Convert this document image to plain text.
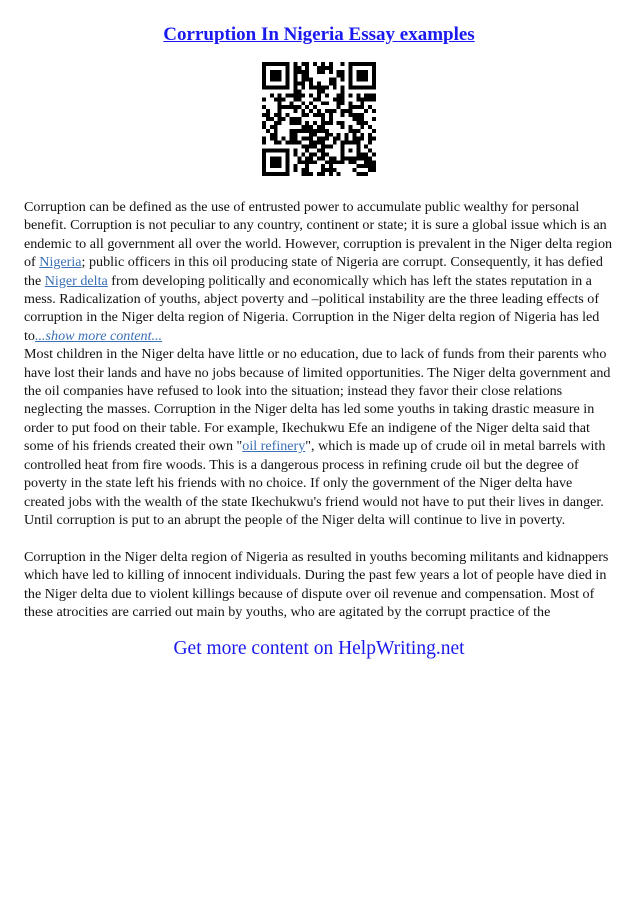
Corruption In Nigeria Essay examples

Corruption can be defined as the use of entrusted power to accumulate public wealthy for personal benefit. Corruption is not peculiar to any country, continent or state; it is sure a global issue which is an endemic to all government all over the world. However, corruption is prevalent in the Niger delta region of Nigeria; public officers in this oil producing state of Nigeria are corrupt. Consequently, it has defied the Niger delta from developing politically and economically which has left the states reputation in a mess. Radicalization of youths, abject poverty and –political instability are the three leading effects of corruption in the Niger delta region of Nigeria. Corruption in the Niger delta region of Nigeria has led to...show more content...

Most children in the Niger delta have little or no education, due to lack of funds from their parents who have lost their lands and have no jobs because of limited opportunities. The Niger delta government and the oil companies have refused to look into the situation; instead they favor their close relations neglecting the masses. Corruption in the Niger delta has led some youths in taking drastic measure in order to put food on their table. For example, Ikechukwu Efe an indigene of the Niger delta said that some of his friends created their own "oil refinery", which is made up of crude oil in metal barrels with controlled heat from fire woods. This is a dangerous process in refining crude oil but the degree of poverty in the state left his friends with no choice. If only the government of the Niger delta have created jobs with the wealth of the state Ikechukwu's friend would not have to put their lives in danger. Until corruption is put to an abrupt the people of the Niger delta will continue to live in poverty.

Corruption in the Niger delta region of Nigeria as resulted in youths becoming militants and kidnappers which have led to killing of innocent individuals. During the past few years a lot of people have died in the Niger delta due to violent killings because of dispute over oil revenue and compensation. Most of these atrocities are carried out main by youths, who are agitated by the corrupt practice of the

Get more content on HelpWriting.net
